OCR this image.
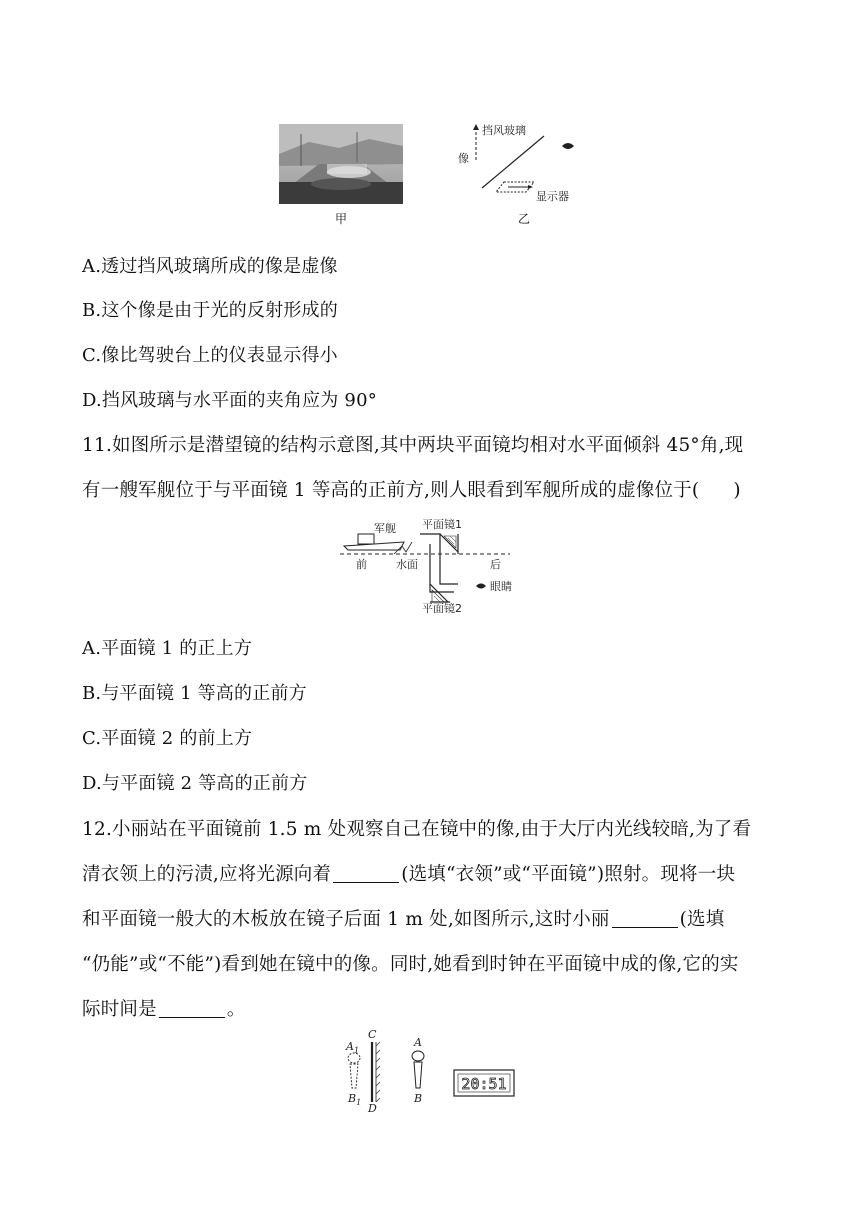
甲
挡风玻璃
像
显示器
乙
A.透过挡风玻璃所成的像是虚像
B.这个像是由于光的反射形成的
C.像比驾驶台上的仪表显示得小
D.挡风玻璃与水平面的夹角应为 90°
11.如图所示是潜望镜的结构示意图,其中两块平面镜均相对水平面倾斜 45°角,现
有一艘军舰位于与平面镜 1 等高的正前方,则人眼看到军舰所成的虚像位于( )
军舰
前	水面	后
平面镜1
眼睛
平面镜2
A.平面镜 1 的正上方
B.与平面镜 1 等高的正前方
C.平面镜 2 的前上方
D.与平面镜 2 等高的正前方
12.小丽站在平面镜前 1.5 m 处观察自己在镜中的像,由于大厅内光线较暗,为了看
清衣领上的污渍,应将光源向着	(选填“衣领”或“平面镜”)照射。现将一块
和平面镜一般大的木板放在镜子后面 1 m 处,如图所示,这时小丽	(选填
“仍能”或“不能”)看到她在镜中的像。同时,她看到时钟在平面镜中成的像,它的实
际时间是	。
$A_1$
$B_1$
C
D
A
B
20:51
